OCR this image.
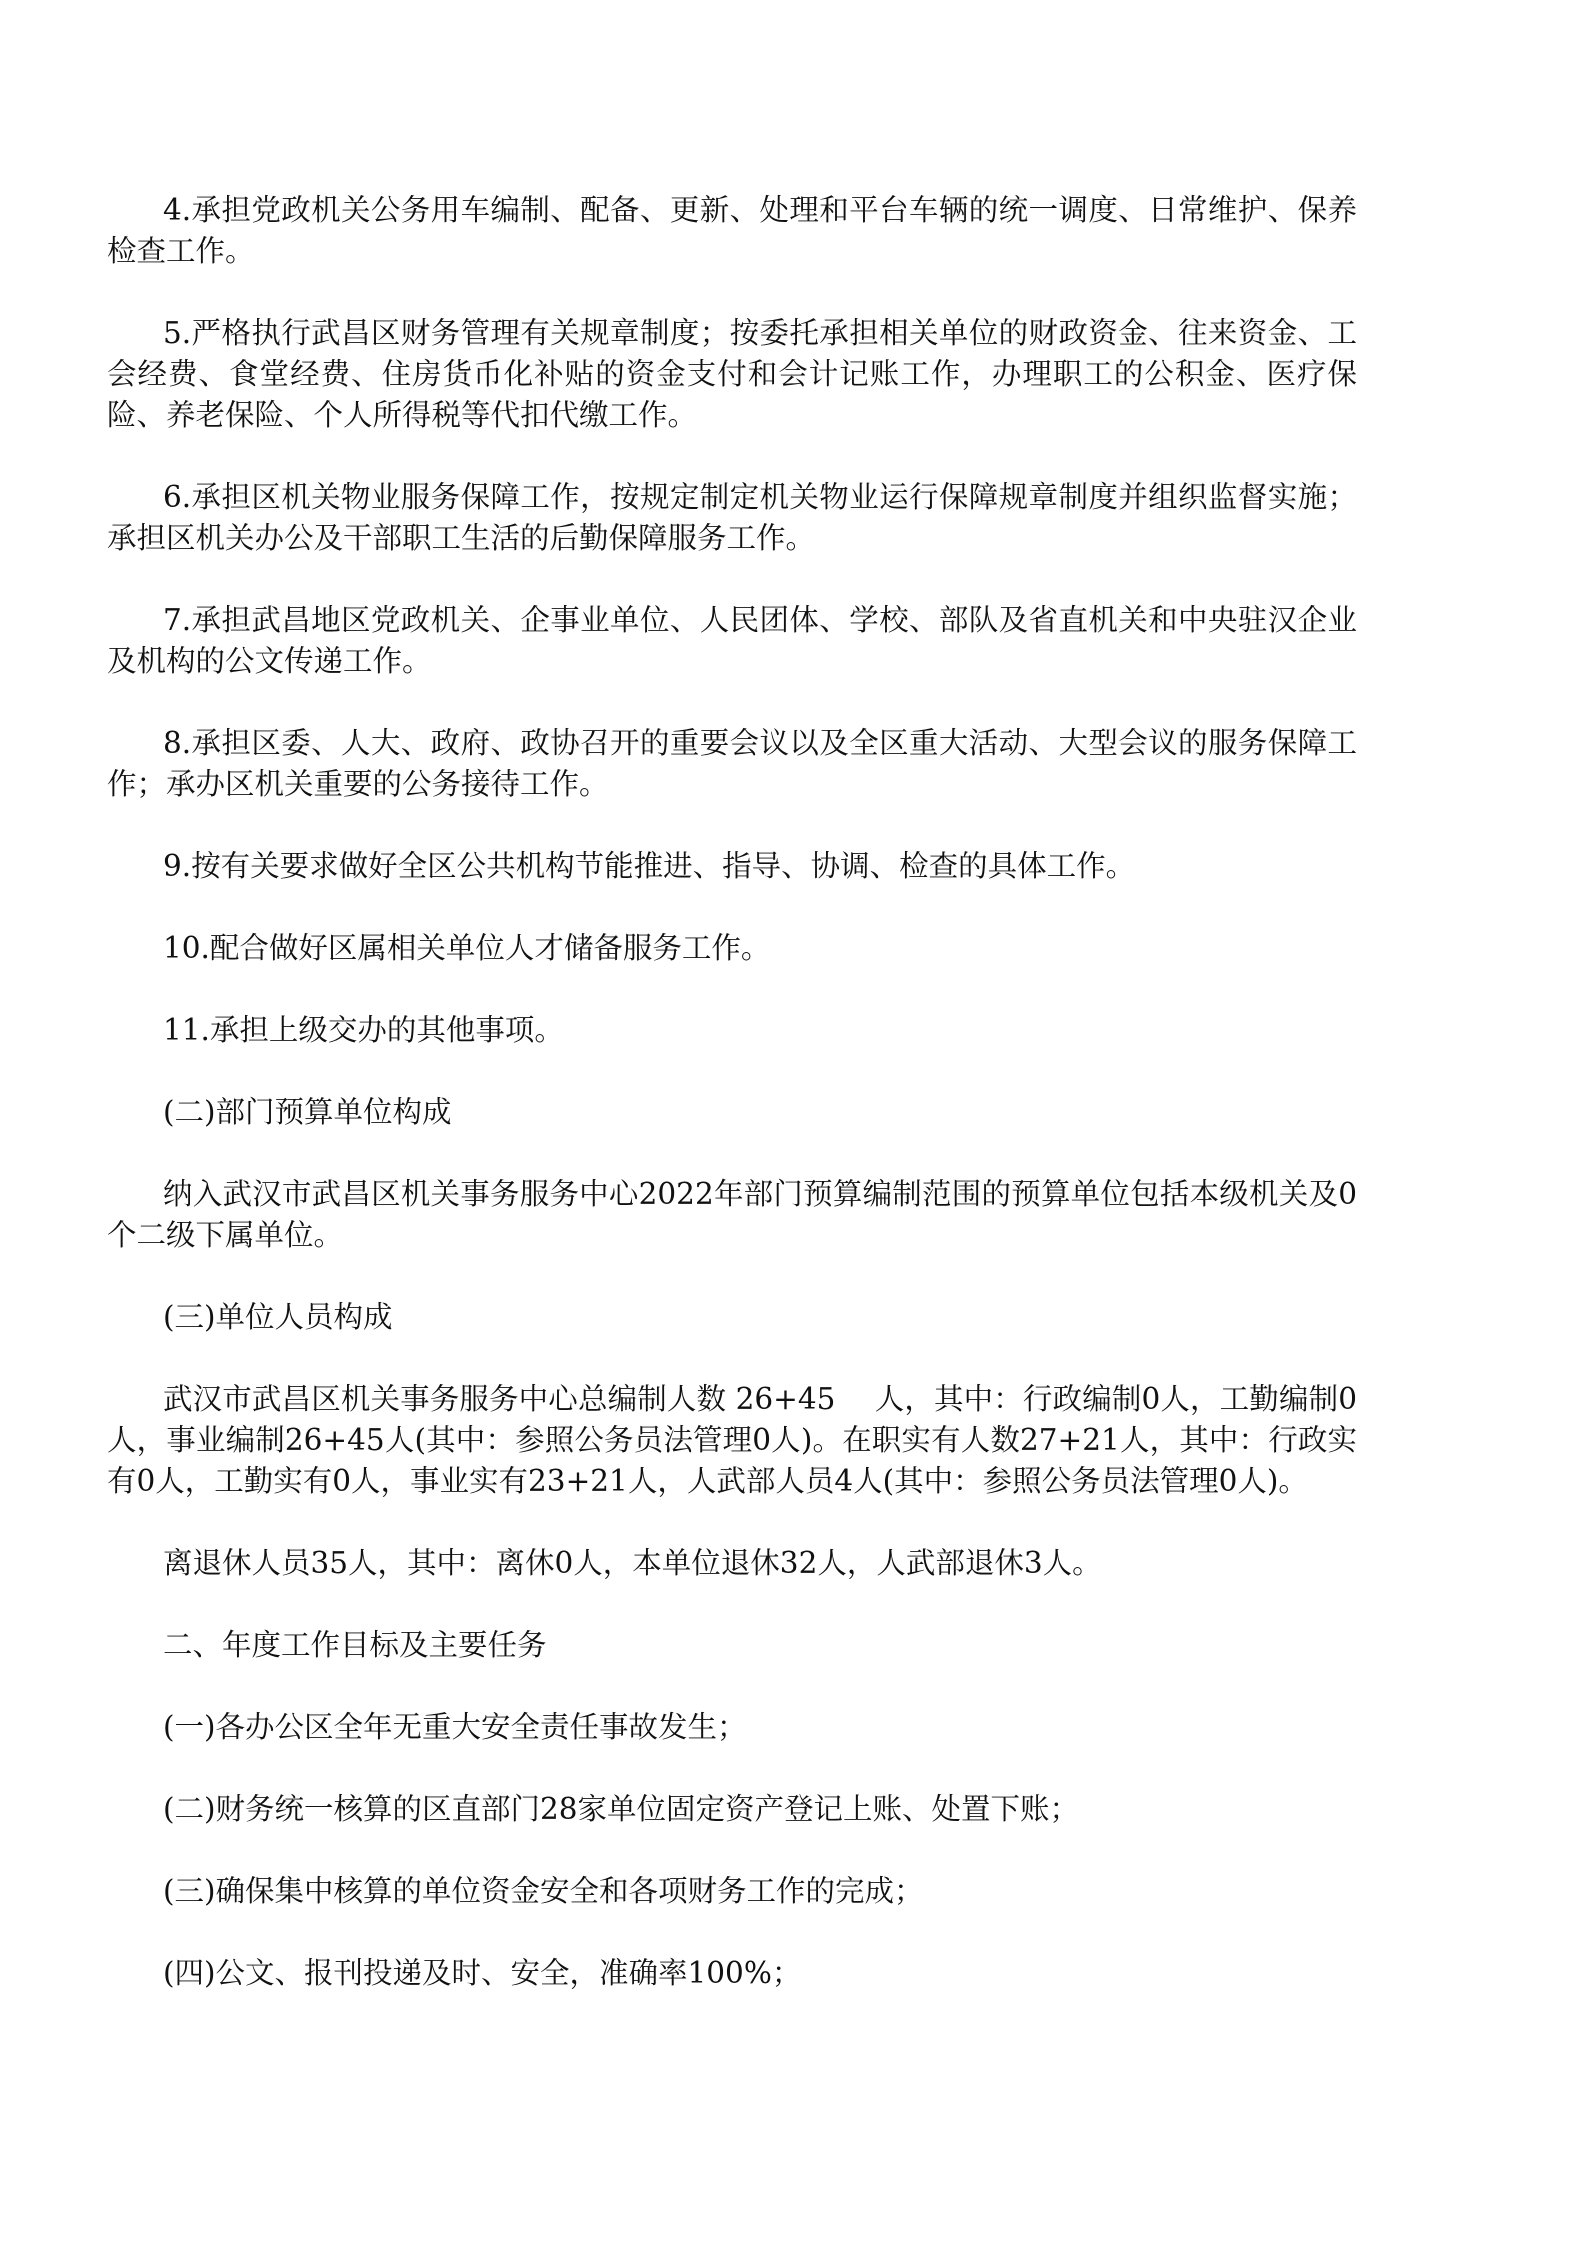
4.承担党政机关公务用车编制、配备、更新、处理和平台车辆的统一调度、日常维护、保养检查工作。

5.严格执行武昌区财务管理有关规章制度；按委托承担相关单位的财政资金、往来资金、工会经费、食堂经费、住房货币化补贴的资金支付和会计记账工作，办理职工的公积金、医疗保险、养老保险、个人所得税等代扣代缴工作。

6.承担区机关物业服务保障工作，按规定制定机关物业运行保障规章制度并组织监督实施；承担区机关办公及干部职工生活的后勤保障服务工作。

7.承担武昌地区党政机关、企事业单位、人民团体、学校、部队及省直机关和中央驻汉企业及机构的公文传递工作。

8.承担区委、人大、政府、政协召开的重要会议以及全区重大活动、大型会议的服务保障工作；承办区机关重要的公务接待工作。

9.按有关要求做好全区公共机构节能推进、指导、协调、检查的具体工作。

10.配合做好区属相关单位人才储备服务工作。

11.承担上级交办的其他事项。

(二)部门预算单位构成

纳入武汉市武昌区机关事务服务中心2022年部门预算编制范围的预算单位包括本级机关及0个二级下属单位。

(三)单位人员构成

武汉市武昌区机关事务服务中心总编制人数 26+45　 人，其中：行政编制0人，工勤编制0人，事业编制26+45人(其中：参照公务员法管理0人)。在职实有人数27+21人，其中：行政实有0人，工勤实有0人，事业实有23+21人，人武部人员4人(其中：参照公务员法管理0人)。

离退休人员35人，其中：离休0人，本单位退休32人，人武部退休3人。

二、年度工作目标及主要任务

(一)各办公区全年无重大安全责任事故发生；

(二)财务统一核算的区直部门28家单位固定资产登记上账、处置下账；

(三)确保集中核算的单位资金安全和各项财务工作的完成；

(四)公文、报刊投递及时、安全，准确率100%；
